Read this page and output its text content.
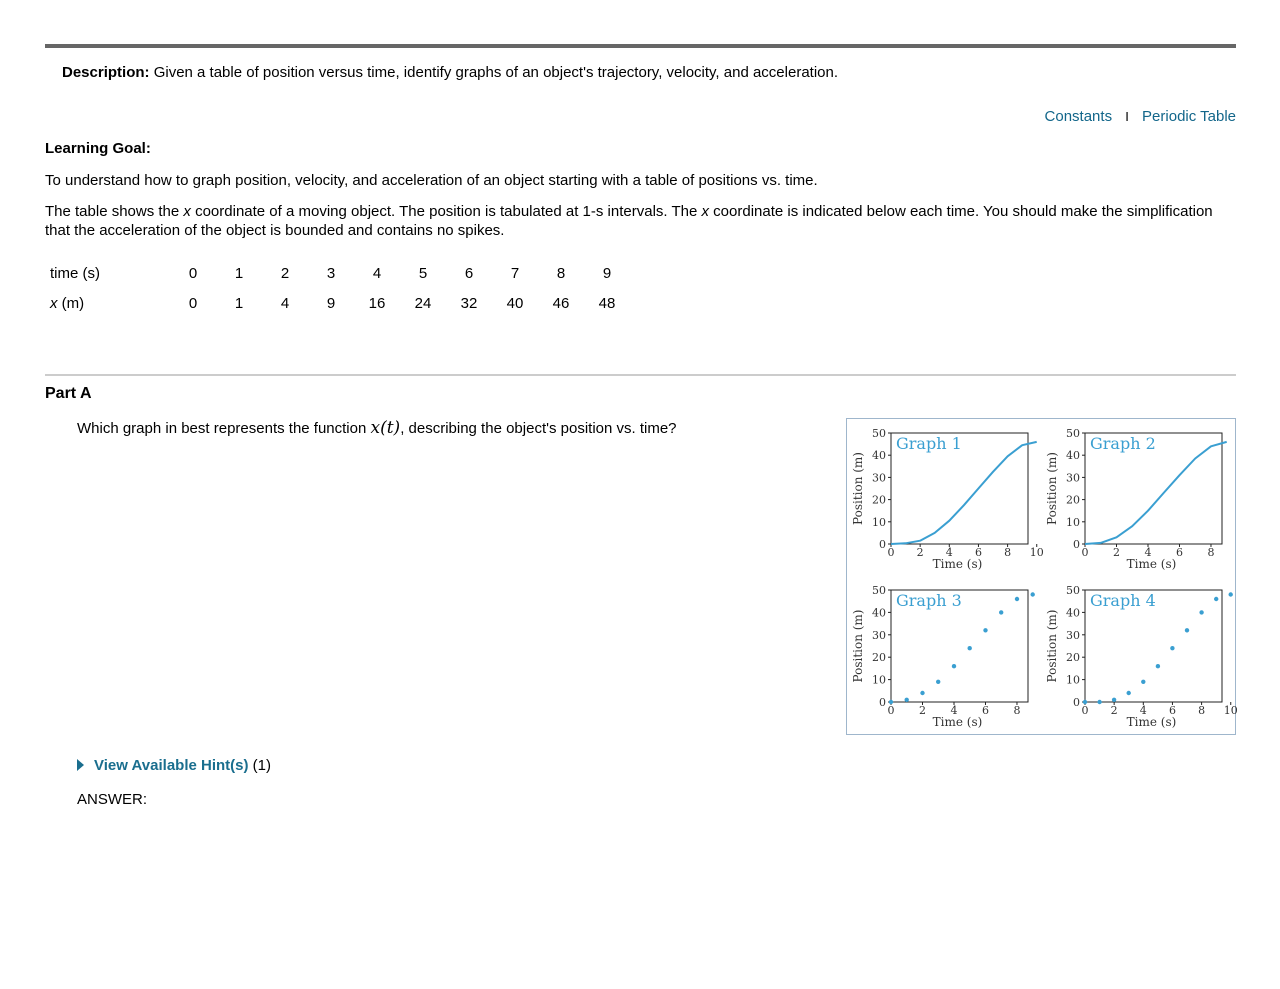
Description: Given a table of position versus time, identify graphs of an object's trajectory, velocity, and acceleration.
Constants I Periodic Table
Learning Goal:
To understand how to graph position, velocity, and acceleration of an object starting with a table of positions vs. time.
The table shows the x coordinate of a moving object. The position is tabulated at 1-s intervals. The x coordinate is indicated below each time. You should make the simplification that the acceleration of the object is bounded and contains no spikes.
time (s)	0	1	2	3	4	5	6	7	8	9
x (m)	0	1	4	9	16	24	32	40	46	48
Part A
Which graph in best represents the function x(t), describing the object's position vs. time?
0
10
20
30
40
50
0 2 4 6 8 10
Time (s)
Position (m)
Graph 1
0
10
20
30
40
50
0 2 4 6 8
Time (s)
Position (m)
Graph 2
0
10
20
30
40
50
0 2 4 6 8
Time (s)
Position (m)
Graph 3
0
10
20
30
40
50
0 2 4 6 8 10
Time (s)
Position (m)
Graph 4
View Available Hint(s) (1)
ANSWER:
